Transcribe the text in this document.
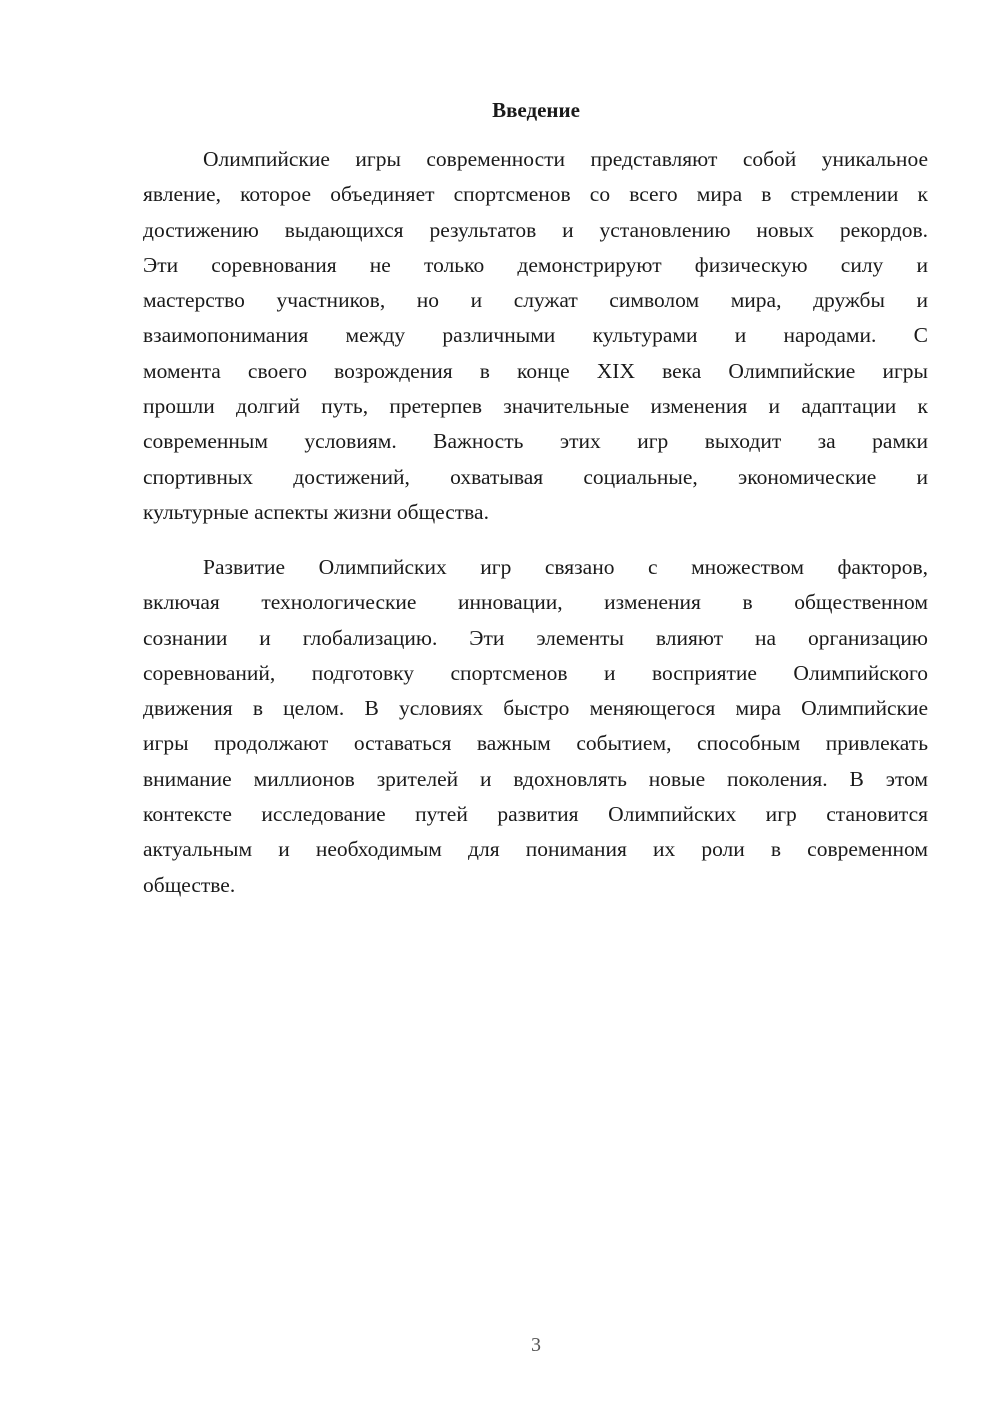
Введение
Олимпийские игры современности представляют собой уникальное
явление, которое объединяет спортсменов со всего мира в стремлении к
достижению выдающихся результатов и установлению новых рекордов.
Эти соревнования не только демонстрируют физическую силу и
мастерство участников, но и служат символом мира, дружбы и
взаимопонимания между различными культурами и народами. С
момента своего возрождения в конце XIX века Олимпийские игры
прошли долгий путь, претерпев значительные изменения и адаптации к
современным условиям. Важность этих игр выходит за рамки
спортивных достижений, охватывая социальные, экономические и
культурные аспекты жизни общества.
Развитие Олимпийских игр связано с множеством факторов,
включая технологические инновации, изменения в общественном
сознании и глобализацию. Эти элементы влияют на организацию
соревнований, подготовку спортсменов и восприятие Олимпийского
движения в целом. В условиях быстро меняющегося мира Олимпийские
игры продолжают оставаться важным событием, способным привлекать
внимание миллионов зрителей и вдохновлять новые поколения. В этом
контексте исследование путей развития Олимпийских игр становится
актуальным и необходимым для понимания их роли в современном
обществе.
3
